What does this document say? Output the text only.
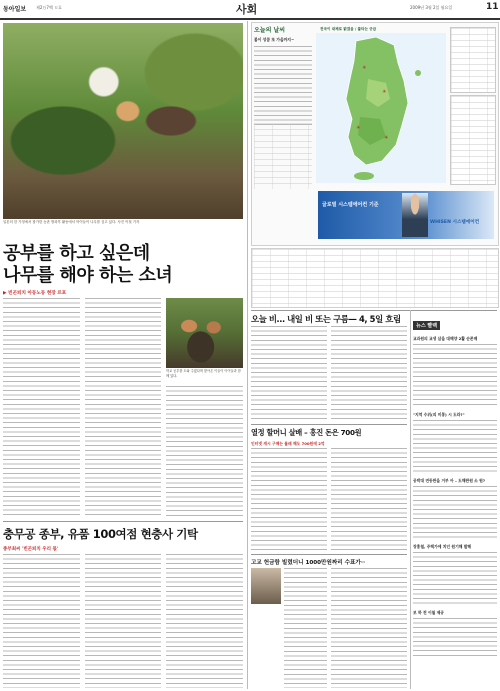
동아일보 제2万7백 ㅁ호	사회	2009년 3월 2일 월요일	11
일본의 한 가정에서 참가한 농촌 방과후 활동에서 아이들이 나무를 심고 있다. 사진 이철 기자
공부를 하고 싶은데
나무를 해야 하는 소녀
▶ 빈곤퇴치 아동노동 현장 르포
학교 공부를 도와 주겠다며 찾아온 이들이 아이들과 함께 있다.
충무공 종부, 유품 100여점 현충사 기탁
종부최씨 '빈곤퇴치 우리 몫'
오늘의 날씨
봄이 성큼 또 가을까지~
전국이 대체로 맑겠음 / 불타는 긍급
☀
☀
☀
☀
글로벌 시스템에어컨 기준
WHISEN 시스템에어컨
오늘 비… 내일 비 또는 구름— 4, 5일 흐림
열정 할머니 살배 – 흥진 돈은 700원
인터넷 캐시 구매는 몰래 해도 700원에 2억
고교 헌금함 빌렸더니 1000만원짜리 수표가··
뉴스 빨랙
교과원의 교생 삽을 대해양 2활 순폰매
"지역 수위(의 미봉) 시 도라?"
공박대 연동판을 거부 아 – 도해판원 소 원?
장흥철, 주택가에 치인 원기해 발해
보 하 전 이월 제공
